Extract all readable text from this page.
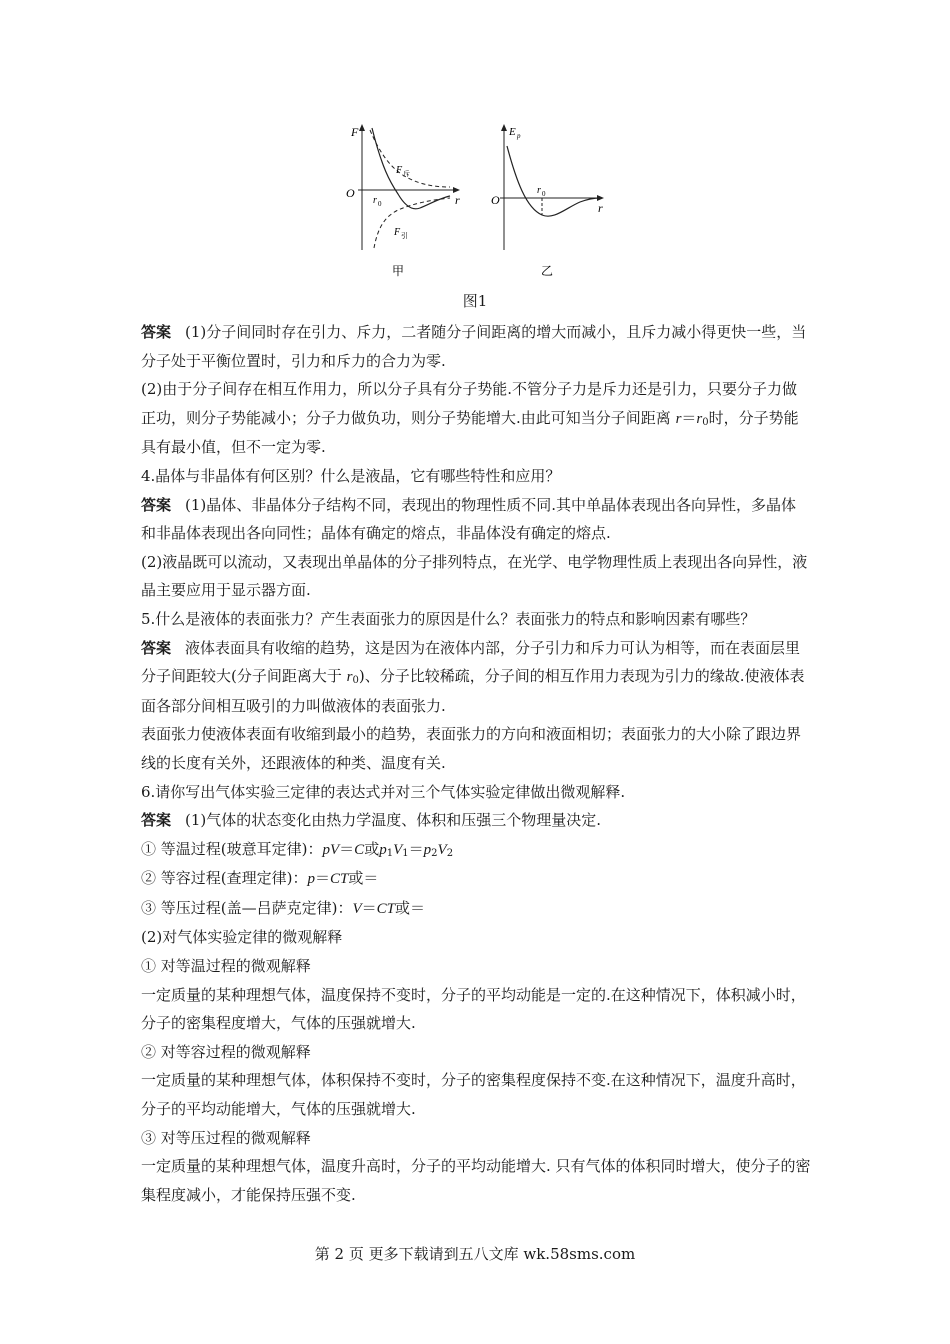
F
O	r
r 0
F 斥
F 引
E p
O
r
r 0
甲	乙
图1

答案 (1)分子间同时存在引力、斥力，二者随分子间距离的增大而减小，且斥力减小得更快一些，当分子处于平衡位置时，引力和斥力的合力为零.

(2)由于分子间存在相互作用力，所以分子具有分子势能.不管分子力是斥力还是引力，只要分子力做正功，则分子势能减小；分子力做负功，则分子势能增大.由此可知当分子间距离 $r=r_0$时，分子势能具有最小值，但不一定为零.

4.晶体与非晶体有何区别？什么是液晶，它有哪些特性和应用？

答案 (1)晶体、非晶体分子结构不同，表现出的物理性质不同.其中单晶体表现出各向异性，多晶体和非晶体表现出各向同性；晶体有确定的熔点，非晶体没有确定的熔点.

(2)液晶既可以流动，又表现出单晶体的分子排列特点，在光学、电学物理性质上表现出各向异性，液晶主要应用于显示器方面.

5.什么是液体的表面张力？产生表面张力的原因是什么？表面张力的特点和影响因素有哪些？

答案 液体表面具有收缩的趋势，这是因为在液体内部，分子引力和斥力可认为相等，而在表面层里分子间距较大(分子间距离大于 $r_0$)、分子比较稀疏，分子间的相互作用力表现为引力的缘故.使液体表面各部分间相互吸引的力叫做液体的表面张力.

表面张力使液体表面有收缩到最小的趋势，表面张力的方向和液面相切；表面张力的大小除了跟边界线的长度有关外，还跟液体的种类、温度有关.

6.请你写出气体实验三定律的表达式并对三个气体实验定律做出微观解释.

答案 (1)气体的状态变化由热力学温度、体积和压强三个物理量决定.

① 等温过程(玻意耳定律)：pV＝C或$p_1V_1=p_2V_2$

② 等容过程(查理定律)：p＝CT或＝

③ 等压过程(盖—吕萨克定律)：V＝CT或＝

(2)对气体实验定律的微观解释

① 对等温过程的微观解释

一定质量的某种理想气体，温度保持不变时，分子的平均动能是一定的.在这种情况下，体积减小时，分子的密集程度增大，气体的压强就增大.

② 对等容过程的微观解释

一定质量的某种理想气体，体积保持不变时，分子的密集程度保持不变.在这种情况下，温度升高时，分子的平均动能增大，气体的压强就增大.

③ 对等压过程的微观解释

一定质量的某种理想气体，温度升高时，分子的平均动能增大. 只有气体的体积同时增大，使分子的密集程度减小，才能保持压强不变.

第 2 页 更多下载请到五八文库 wk.58sms.com
